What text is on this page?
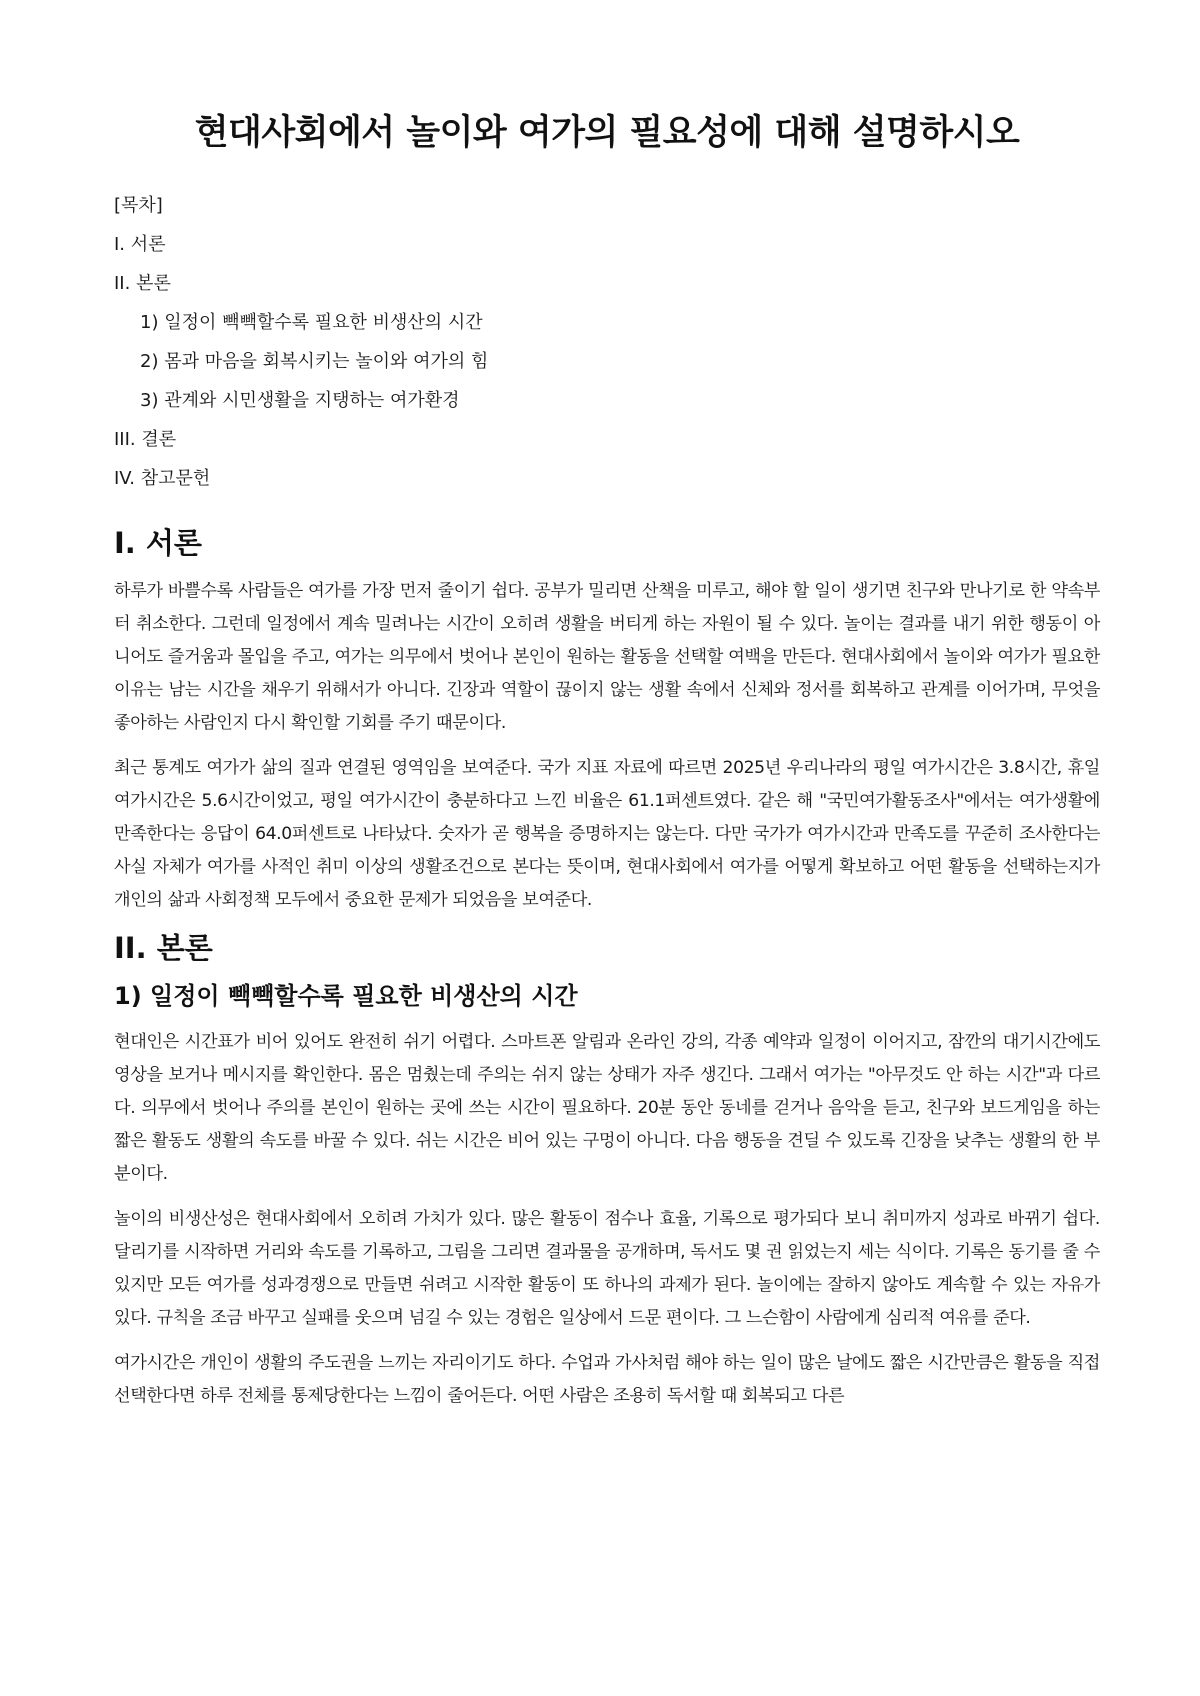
현대사회에서 놀이와 여가의 필요성에 대해 설명하시오
[목차]
I. 서론
II. 본론
1) 일정이 빽빽할수록 필요한 비생산의 시간
2) 몸과 마음을 회복시키는 놀이와 여가의 힘
3) 관계와 시민생활을 지탱하는 여가환경
III. 결론
IV. 참고문헌
I. 서론

하루가 바쁠수록 사람들은 여가를 가장 먼저 줄이기 쉽다. 공부가 밀리면 산책을 미루고, 해야 할 일이 생기면 친구와 만나기로 한 약속부터 취소한다. 그런데 일정에서 계속 밀려나는 시간이 오히려 생활을 버티게 하는 자원이 될 수 있다. 놀이는 결과를 내기 위한 행동이 아니어도 즐거움과 몰입을 주고, 여가는 의무에서 벗어나 본인이 원하는 활동을 선택할 여백을 만든다. 현대사회에서 놀이와 여가가 필요한 이유는 남는 시간을 채우기 위해서가 아니다. 긴장과 역할이 끊이지 않는 생활 속에서 신체와 정서를 회복하고 관계를 이어가며, 무엇을 좋아하는 사람인지 다시 확인할 기회를 주기 때문이다.

최근 통계도 여가가 삶의 질과 연결된 영역임을 보여준다. 국가 지표 자료에 따르면 2025년 우리나라의 평일 여가시간은 3.8시간, 휴일 여가시간은 5.6시간이었고, 평일 여가시간이 충분하다고 느낀 비율은 61.1퍼센트였다. 같은 해 "국민여가활동조사"에서는 여가생활에 만족한다는 응답이 64.0퍼센트로 나타났다. 숫자가 곧 행복을 증명하지는 않는다. 다만 국가가 여가시간과 만족도를 꾸준히 조사한다는 사실 자체가 여가를 사적인 취미 이상의 생활조건으로 본다는 뜻이며, 현대사회에서 여가를 어떻게 확보하고 어떤 활동을 선택하는지가 개인의 삶과 사회정책 모두에서 중요한 문제가 되었음을 보여준다.

II. 본론
1) 일정이 빽빽할수록 필요한 비생산의 시간

현대인은 시간표가 비어 있어도 완전히 쉬기 어렵다. 스마트폰 알림과 온라인 강의, 각종 예약과 일정이 이어지고, 잠깐의 대기시간에도 영상을 보거나 메시지를 확인한다. 몸은 멈췄는데 주의는 쉬지 않는 상태가 자주 생긴다. 그래서 여가는 "아무것도 안 하는 시간"과 다르다. 의무에서 벗어나 주의를 본인이 원하는 곳에 쓰는 시간이 필요하다. 20분 동안 동네를 걷거나 음악을 듣고, 친구와 보드게임을 하는 짧은 활동도 생활의 속도를 바꿀 수 있다. 쉬는 시간은 비어 있는 구멍이 아니다. 다음 행동을 견딜 수 있도록 긴장을 낮추는 생활의 한 부분이다.

놀이의 비생산성은 현대사회에서 오히려 가치가 있다. 많은 활동이 점수나 효율, 기록으로 평가되다 보니 취미까지 성과로 바뀌기 쉽다. 달리기를 시작하면 거리와 속도를 기록하고, 그림을 그리면 결과물을 공개하며, 독서도 몇 권 읽었는지 세는 식이다. 기록은 동기를 줄 수 있지만 모든 여가를 성과경쟁으로 만들면 쉬려고 시작한 활동이 또 하나의 과제가 된다. 놀이에는 잘하지 않아도 계속할 수 있는 자유가 있다. 규칙을 조금 바꾸고 실패를 웃으며 넘길 수 있는 경험은 일상에서 드문 편이다. 그 느슨함이 사람에게 심리적 여유를 준다.

여가시간은 개인이 생활의 주도권을 느끼는 자리이기도 하다. 수업과 가사처럼 해야 하는 일이 많은 날에도 짧은 시간만큼은 활동을 직접 선택한다면 하루 전체를 통제당한다는 느낌이 줄어든다. 어떤 사람은 조용히 독서할 때 회복되고 다른
